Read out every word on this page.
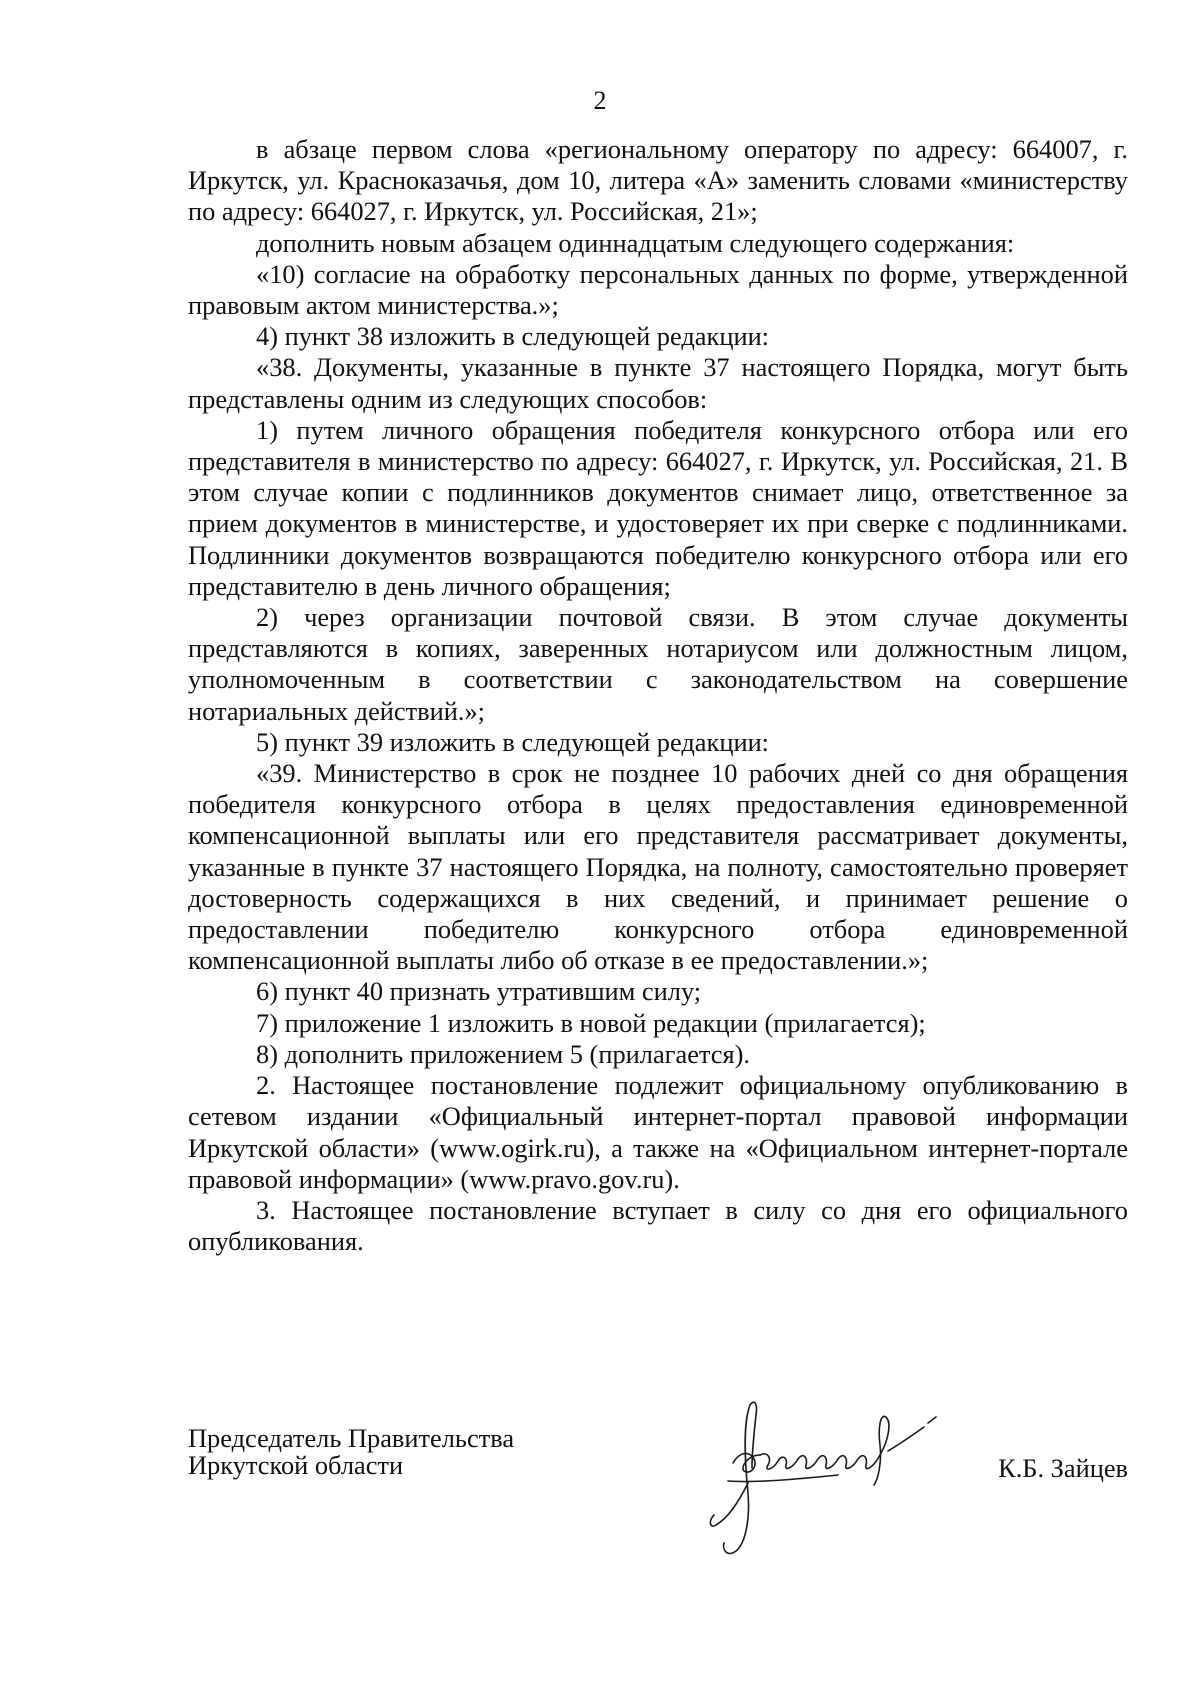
2

в абзаце первом слова «региональному оператору по адресу: 664007, г. Иркутск, ул. Красноказачья, дом 10, литера «А» заменить словами «министерству по адресу: 664027, г. Иркутск, ул. Российская, 21»;

дополнить новым абзацем одиннадцатым следующего содержания:

«10) согласие на обработку персональных данных по форме, утвержденной правовым актом министерства.»;

4) пункт 38 изложить в следующей редакции:

«38. Документы, указанные в пункте 37 настоящего Порядка, могут быть представлены одним из следующих способов:

1) путем личного обращения победителя конкурсного отбора или его представителя в министерство по адресу: 664027, г. Иркутск, ул. Российская, 21. В этом случае копии с подлинников документов снимает лицо, ответственное за прием документов в министерстве, и удостоверяет их при сверке с подлинниками. Подлинники документов возвращаются победителю конкурсного отбора или его представителю в день личного обращения;

2) через организации почтовой связи. В этом случае документы представляются в копиях, заверенных нотариусом или должностным лицом, уполномоченным в соответствии с законодательством на совершение нотариальных действий.»;

5) пункт 39 изложить в следующей редакции:

«39. Министерство в срок не позднее 10 рабочих дней со дня обращения победителя конкурсного отбора в целях предоставления единовременной компенсационной выплаты или его представителя рассматривает документы, указанные в пункте 37 настоящего Порядка, на полноту, самостоятельно проверяет достоверность содержащихся в них сведений, и принимает решение о предоставлении победителю конкурсного отбора единовременной компенсационной выплаты либо об отказе в ее предоставлении.»;

6) пункт 40 признать утратившим силу;

7) приложение 1 изложить в новой редакции (прилагается);

8) дополнить приложением 5 (прилагается).

2. Настоящее постановление подлежит официальному опубликованию в сетевом издании «Официальный интернет-портал правовой информации Иркутской области» (www.ogirk.ru), а также на «Официальном интернет-портале правовой информации» (www.pravo.gov.ru).

3. Настоящее постановление вступает в силу со дня его официального опубликования.

Председатель Правительства
Иркутской области	К.Б. Зайцев
